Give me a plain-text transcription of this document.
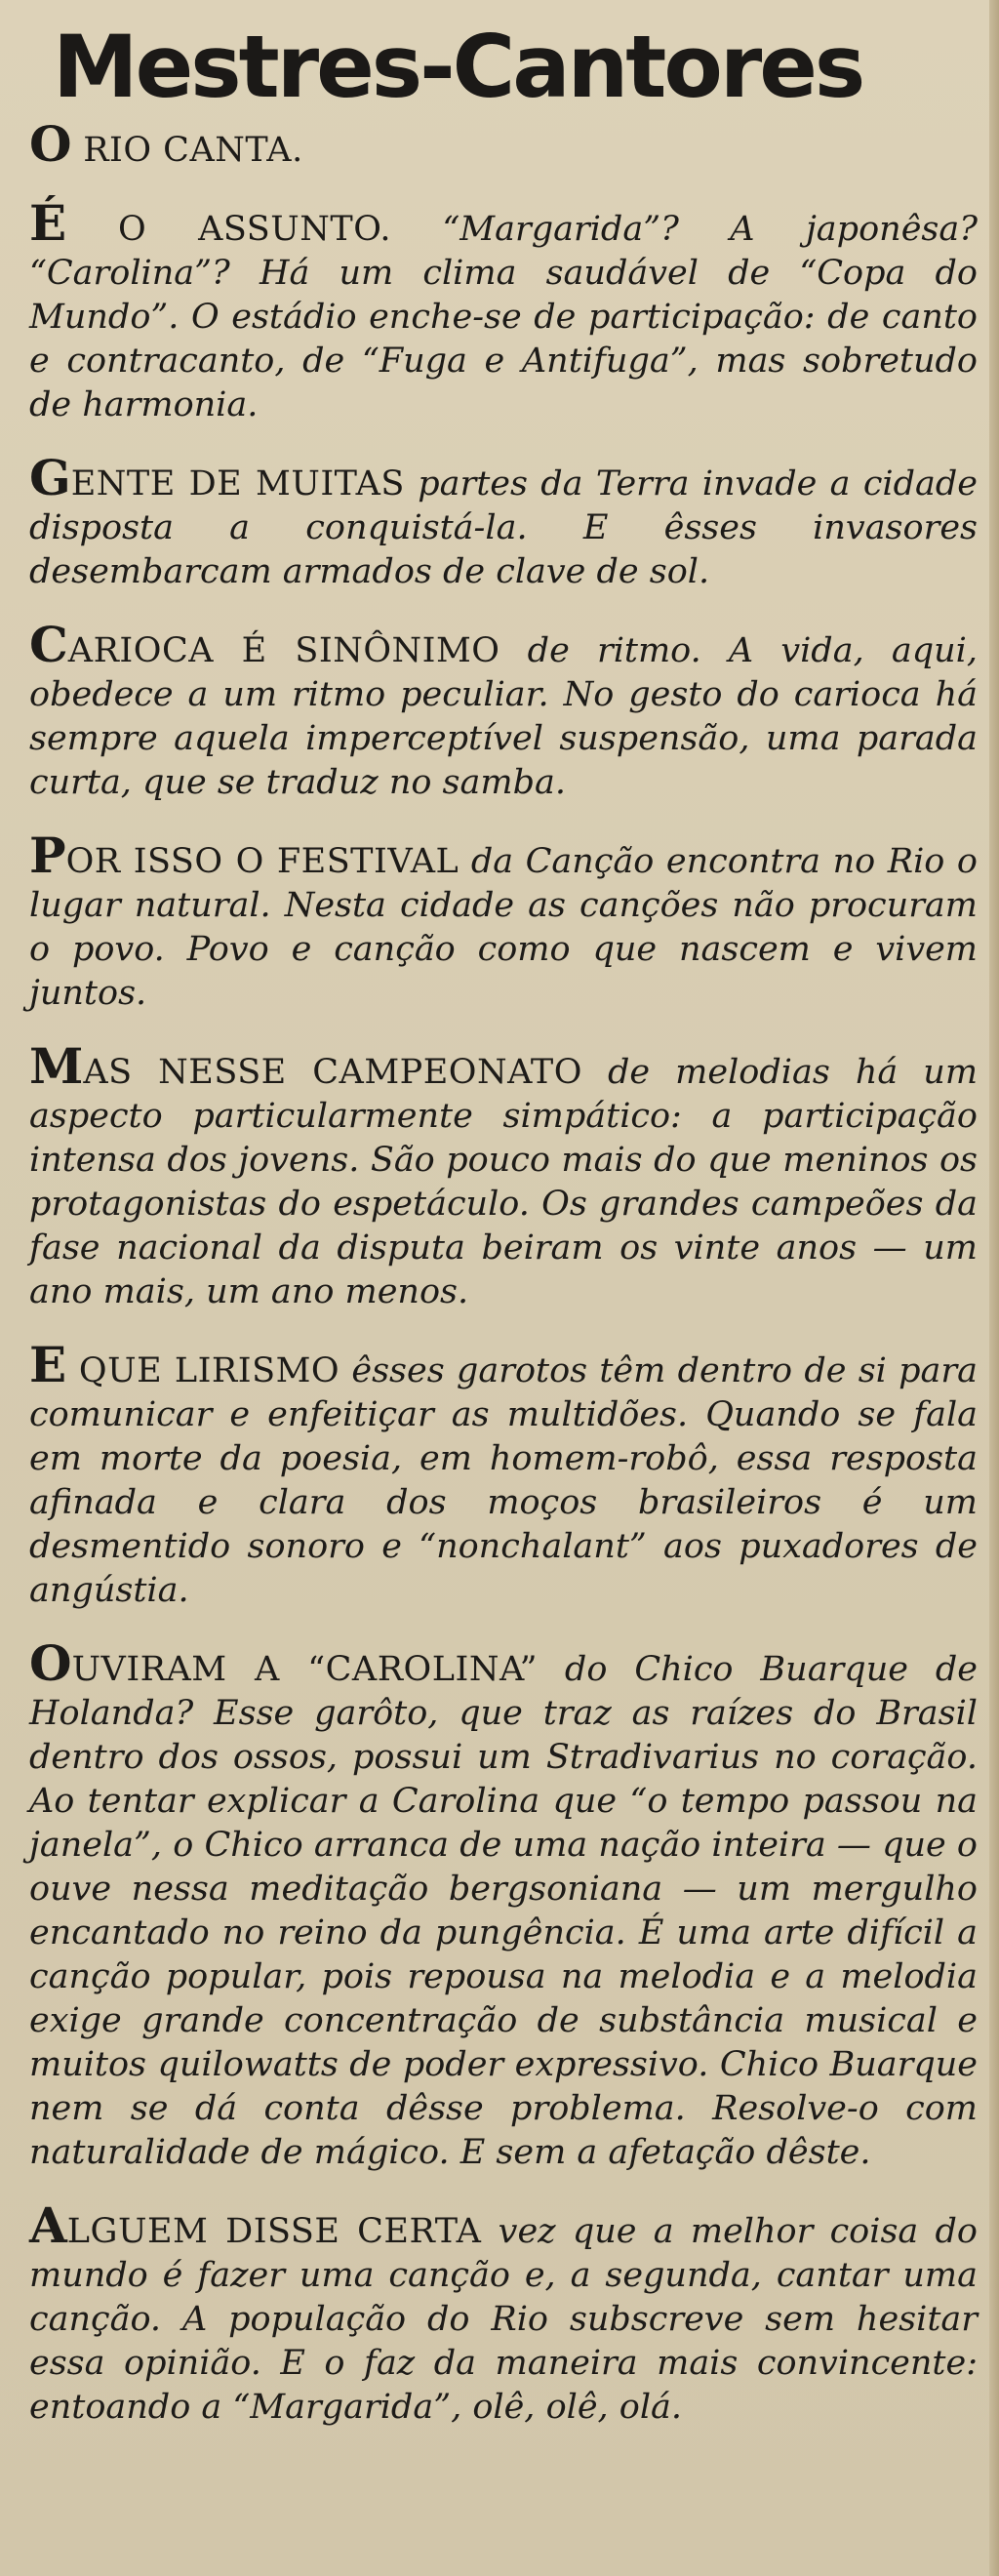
Mestres-Cantores

O RIO CANTA.

É O ASSUNTO. “Margarida”? A japonêsa? “Carolina”? Há um clima saudável de “Copa do Mundo”. O estádio enche-se de participação: de canto e contracanto, de “Fuga e Antifuga”, mas sobretudo de harmonia.

GENTE DE MUITAS partes da Terra invade a cidade disposta a conquistá-la. E êsses invasores desembarcam armados de clave de sol.

CARIOCA É SINÔNIMO de ritmo. A vida, aqui, obedece a um ritmo peculiar. No gesto do carioca há sempre aquela imperceptível suspensão, uma parada curta, que se traduz no samba.

POR ISSO O FESTIVAL da Canção encontra no Rio o lugar natural. Nesta cidade as canções não procuram o povo. Povo e canção como que nascem e vivem juntos.

MAS NESSE CAMPEONATO de melodias há um aspecto particularmente simpático: a participação intensa dos jovens. São pouco mais do que meninos os protagonistas do espetáculo. Os grandes campeões da fase nacional da disputa beiram os vinte anos — um ano mais, um ano menos.

E QUE LIRISMO êsses garotos têm dentro de si para comunicar e enfeitiçar as multidões. Quando se fala em morte da poesia, em homem-robô, essa resposta afinada e clara dos moços brasileiros é um desmentido sonoro e “nonchalant” aos puxadores de angústia.

OUVIRAM A “CAROLINA” do Chico Buarque de Holanda? Esse garôto, que traz as raízes do Brasil dentro dos ossos, possui um Stradivarius no coração. Ao tentar explicar a Carolina que “o tempo passou na janela”, o Chico arranca de uma nação inteira — que o ouve nessa meditação bergsoniana — um mergulho encantado no reino da pungência. É uma arte difícil a canção popular, pois repousa na melodia e a melodia exige grande concentração de substância musical e muitos quilowatts de poder expressivo. Chico Buarque nem se dá conta dêsse problema. Resolve-o com naturalidade de mágico. E sem a afetação dêste.

ALGUEM DISSE CERTA vez que a melhor coisa do mundo é fazer uma canção e, a segunda, cantar uma canção. A população do Rio subscreve sem hesitar essa opinião. E o faz da maneira mais convincente: entoando a “Margarida”, olê, olê, olá.
